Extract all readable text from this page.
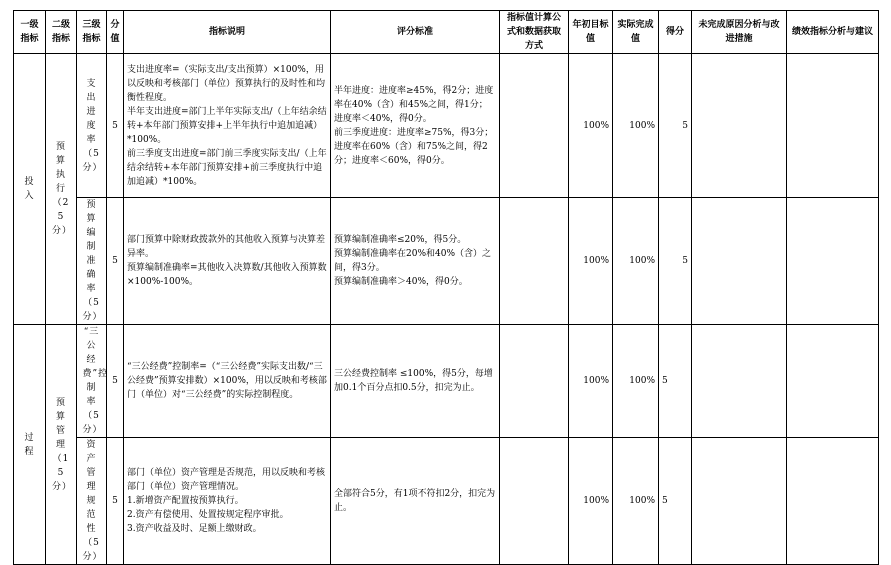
一级指标	二级指标	三级指标	分值	指标说明	评分标准	指标值计算公式和数据获取方式	年初目标值	实际完成值	得分	未完成原因分析与改进措施	绩效指标分析与建议
投入	预算执行（25分）	支出进度率（5分）	5	支出进度率=（实际支出/支出预算）×100%，用以反映和考核部门（单位）预算执行的及时性和均衡性程度。
半年支出进度=部门上半年实际支出/（上年结余结转+本年部门预算安排+上半年执行中追加追减）*100%。
前三季度支出进度=部门前三季度实际支出/（上年结余结转+本年部门预算安排+前三季度执行中追加追减）*100%。	半年进度：进度率≥45%，得2分；进度率在40%（含）和45%之间，得1分；进度率＜40%，得0分。
前三季度进度：进度率≥75%，得3分；进度率在60%（含）和75%之间，得2分；进度率＜60%，得0分。		100%	100%	5		
		预算编制准确率（5分）	5	部门预算中除财政拨款外的其他收入预算与决算差异率。
预算编制准确率=其他收入决算数/其他收入预算数×100%-100%。	预算编制准确率≤20%，得5分。
预算编制准确率在20%和40%（含）之间，得3分。
预算编制准确率＞40%，得0分。		100%	100%	5		
过程	预算管理（15分）	“三公经费”控制率（5分）	5	“三公经费”控制率=（“三公经费”实际支出数/“三公经费”预算安排数）×100%，用以反映和考核部门（单位）对“三公经费”的实际控制程度。	三公经费控制率 ≤100%，得5分，每增加0.1个百分点扣0.5分，扣完为止。		100%	100%	5		
		资产管理规范性（5分）	5	部门（单位）资产管理是否规范，用以反映和考核部门（单位）资产管理情况。
1.新增资产配置按预算执行。
2.资产有偿使用、处置按规定程序审批。
3.资产收益及时、足额上缴财政。	全部符合5分，有1项不符扣2分，扣完为止。		100%	100%	5		
